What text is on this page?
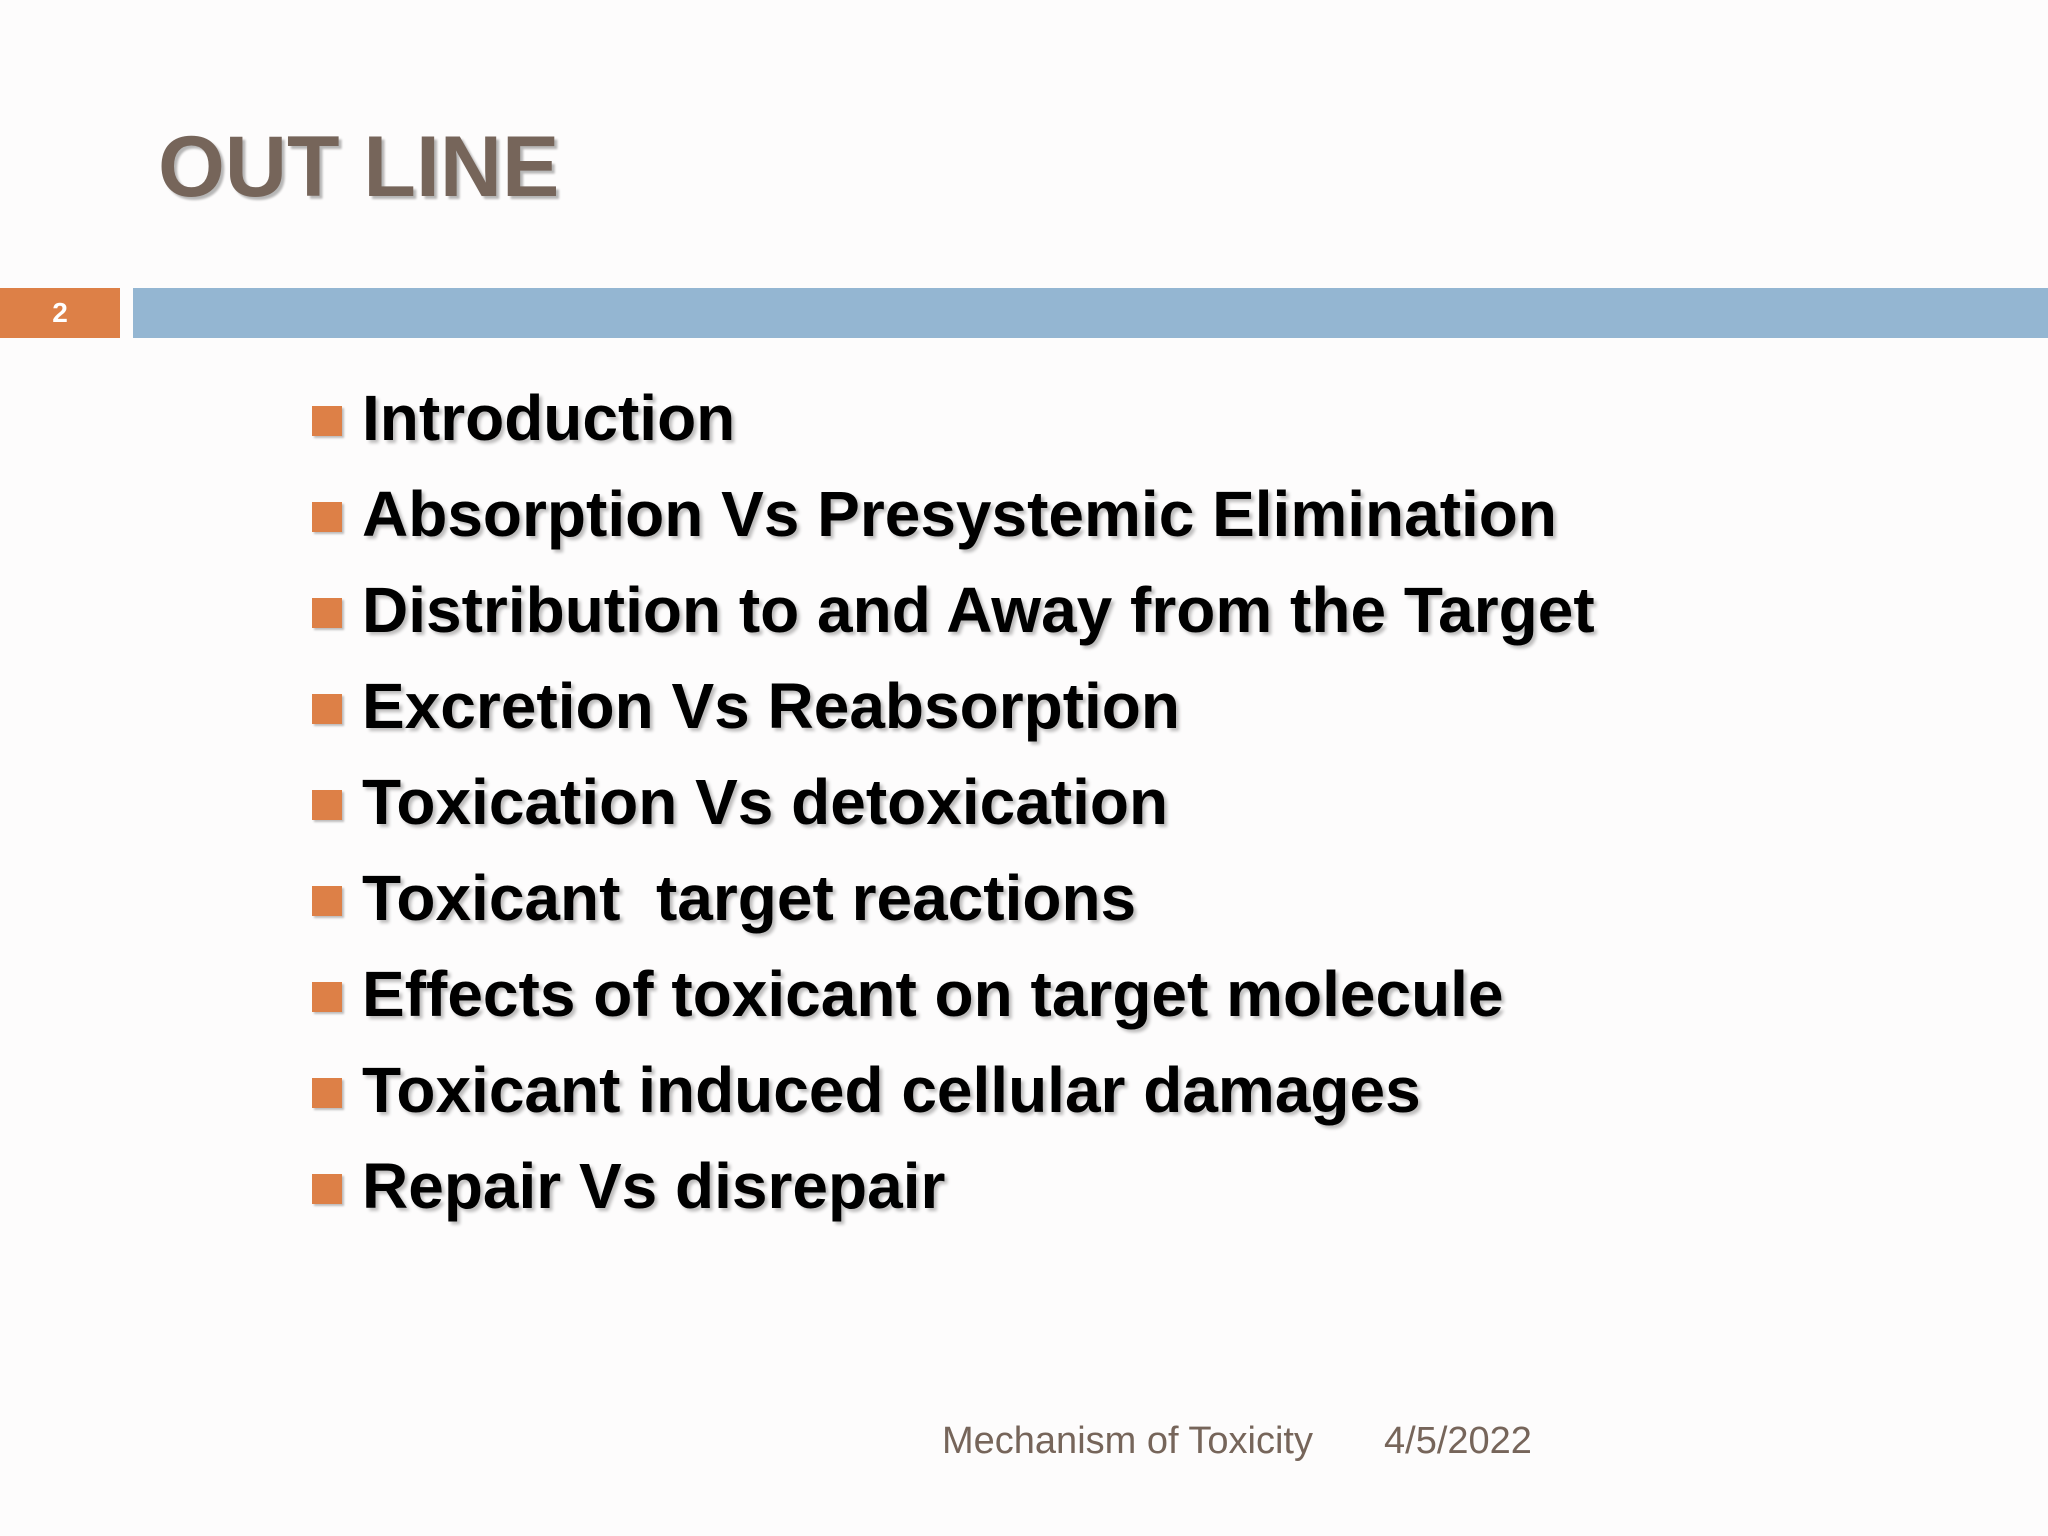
OUT LINE
2
Introduction
Absorption Vs Presystemic Elimination
Distribution to and Away from the Target
Excretion Vs Reabsorption
Toxication Vs detoxication
Toxicant  target reactions
Effects of toxicant on target molecule
Toxicant induced cellular damages
Repair Vs disrepair
Mechanism of Toxicity 4/5/2022
